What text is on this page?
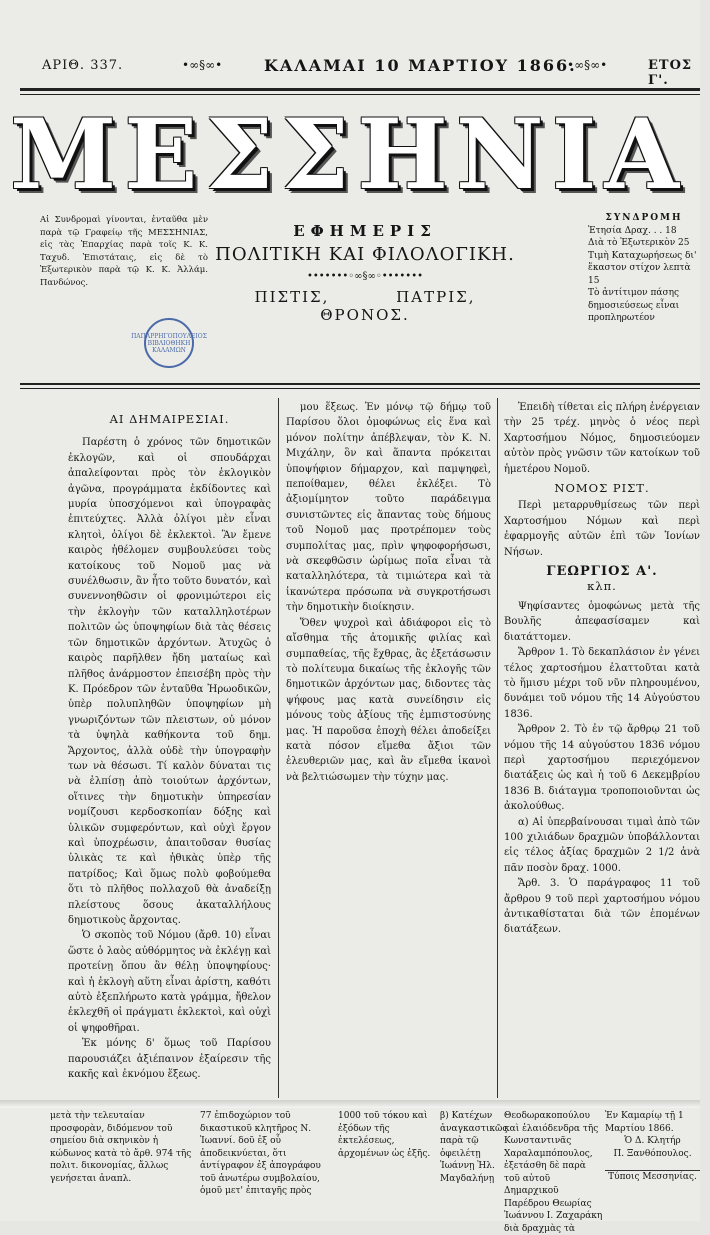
ΑΡΙΘ. 337.	•∞§∞•	ΚΑΛΑΜΑΙ 10 ΜΑΡΤΙΟΥ 1866.
•∞§∞•	ΕΤΟΣ Γ'.
ΜΕΣΣΗΝΙΑ
Αἱ Συνδρομαὶ γίνονται, ἐνταῦθα μὲν παρὰ τῷ Γραφείῳ τῆς ΜΕΣΣΗΝΙΑΣ, εἰς τὰς Ἐπαρχίας παρὰ τοῖς Κ. Κ. Ταχυδ. Ἐπιστάταις, εἰς δὲ τὸ Ἐξωτερικὸν παρὰ τῷ Κ. Κ. Ἀλλάμ. Πανδώνος.
ΕΦΗΜΕΡΙΣ
ΠΟΛΙΤΙΚΗ ΚΑΙ ΦΙΛΟΛΟΓΙΚΗ.
•••••••◦∞§∞◦•••••••
ΠΙΣΤΙΣ, ΠΑΤΡΙΣ, ΘΡΟΝΟΣ.
ΣΥΝΔΡΟΜΗ
Ἐτησία Δραχ. . . 18
Διὰ τὸ Ἐξωτερικὸν 25
Τιμὴ Καταχωρήσεως δι' ἕκαστον στίχον λεπτὰ 15
Τὸ ἀντίτιμον πάσης δημοσιεύσεως εἶναι προπληρωτέον
ΠΑΠΑΡΡΗΓΟΠΟΥΛΕΙΟΣ ΒΙΒΛΙΟΘΗΚΗ ΚΑΛΑΜΩΝ

ΑΙ ΔΗΜΑΙΡΕΣΙΑΙ.

Παρέστη ὁ χρόνος τῶν δημοτικῶν ἐκλογῶν, καὶ οἱ σπουδάρχαι ἀπαλείφονται πρὸς τὸν ἐκλογικὸν ἀγῶνα, προγράμματα ἐκδίδοντες καὶ μυρία ὑποσχόμενοι καὶ ὑπογραφὰς ἐπιτεύχτες. Ἀλλὰ ὀλίγοι μὲν εἶναι κλητοὶ, ὀλίγοι δὲ ἐκλεκτοὶ. Ἂν ἔμενε καιρὸς ἠθέλομεν συμβουλεύσει τοὺς κατοίκους τοῦ Νομοῦ μας νὰ συνέλθωσιν, ἂν ἦτο τοῦτο δυνατόν, καὶ συνεννοηθῶσιν οἱ φρονιμώτεροι εἰς τὴν ἐκλογὴν τῶν καταλληλοτέρων πολιτῶν ὡς ὑποψηφίων διὰ τὰς θέσεις τῶν δημοτικῶν ἀρχόντων. Ἀτυχῶς ὁ καιρὸς παρῆλθεν ἤδη ματαίως καὶ πλῆθος ἀνάρμοστον ἐπεισέβη πρὸς τὴν Κ. Πρόεδρον τῶν ἐνταῦθα Ἠρωοδικῶν, ὑπὲρ πολυπληθῶν ὑποψηφίων μὴ γνωριζόντων τῶν πλειστων, οὐ μόνον τὰ ὑψηλὰ καθήκοντα τοῦ δημ. Ἄρχοντος, ἀλλὰ οὐδὲ τὴν ὑπογραφὴν των νὰ θέσωσι. Τί καλὸν δύναται τις νὰ ἐλπίσῃ ἀπὸ τοιούτων ἀρχόντων, οἵτινες τὴν δημοτικὴν ὑπηρεσίαν νομίζουσι κερδοσκοπίαν δόξης καὶ ὑλικῶν συμφερόντων, καὶ οὐχὶ ἔργον καὶ ὑποχρέωσιν, ἀπαιτοῦσαν θυσίας ὑλικὰς τε καὶ ἠθικὰς ὑπὲρ τῆς πατρίδος; Καὶ ὅμως πολὺ φοβούμεθα ὅτι τὸ πλῆθος πολλαχοῦ θὰ ἀναδείξῃ πλείστους ὅσους ἀκαταλλήλους δημοτικοὺς ἄρχοντας.

Ὁ σκοπὸς τοῦ Νόμου (ἄρθ. 10) εἶναι ὥστε ὁ λαὸς αὐθόρμητος νὰ ἐκλέγῃ καὶ προτείνῃ ὅπου ἂν θέλῃ ὑποψηφίους· καὶ ἡ ἐκλογὴ αὕτη εἶναι ἀρίστη, καθότι αὐτὸ ἐξεπλήρωτο κατὰ γράμμα, ἤθελον ἐκλεχθῆ οἱ πράγματι ἐκλεκτοὶ, καὶ οὐχὶ οἱ ψηφοθῆραι.

Ἐκ μόνης δ' ὅμως τοῦ Παρίσου παρουσιάζει ἀξιέπαινον ἐξαίρεσιν τῆς κακῆς καὶ ἐκνόμου ἕξεως.

μου ἕξεως. Ἐν μόνῳ τῷ δήμῳ τοῦ Παρίσου ὅλοι ὁμοφώνως εἰς ἕνα καὶ μόνον πολίτην ἀπέβλεψαν, τὸν Κ. Ν. Μιχάλην, ὃν καὶ ἅπαντα πρόκειται ὑποψήφιον δήμαρχον, καὶ παμψηφεὶ, πεποίθαμεν, θέλει ἐκλέξει. Τὸ ἀξιομίμητον τοῦτο παράδειγμα συνιστῶντες εἰς ἅπαντας τοὺς δήμους τοῦ Νομοῦ μας προτρέπομεν τοὺς συμπολίτας μας, πρὶν ψηφοφορήσωσι, νὰ σκεφθῶσιν ὡρίμως ποῖα εἶναι τὰ καταλληλότερα, τὰ τιμιώτερα καὶ τὰ ἱκανώτερα πρόσωπα νὰ συγκροτήσωσι τὴν δημοτικὴν διοίκησιν.

Ὅθεν ψυχροὶ καὶ ἀδιάφοροι εἰς τὸ αἴσθημα τῆς ἀτομικῆς φιλίας καὶ συμπαθείας, τῆς ἔχθρας, ἂς ἐξετάσωσιν τὸ πολίτευμα δικαίως τῆς ἐκλογῆς τῶν δημοτικῶν ἀρχόντων μας, διδοντες τὰς ψήφους μας κατὰ συνείδησιν εἰς μόνους τοὺς ἀξίους τῆς ἐμπιστοσύνης μας. Ἡ παροῦσα ἐποχὴ θέλει ἀποδείξει κατὰ πόσον εἴμεθα ἄξιοι τῶν ἐλευθεριῶν μας, καὶ ἂν εἴμεθα ἱκανοὶ νὰ βελτιώσωμεν τὴν τύχην μας.

Ἐπειδὴ τίθεται εἰς πλήρη ἐνέργειαν τὴν 25 τρέχ. μηνὸς ὁ νέος περὶ Χαρτοσήμου Νόμος, δημοσιεύομεν αὐτὸν πρὸς γνῶσιν τῶν κατοίκων τοῦ ἡμετέρου Νομοῦ.

ΝΟΜΟΣ ΡΙΣΤ.

Περὶ μεταρρυθμίσεως τῶν περὶ Χαρτοσήμου Νόμων καὶ περὶ ἐφαρμογῆς αὐτῶν ἐπὶ τῶν Ἰονίων Νήσων.

ΓΕΩΡΓΙΟΣ Α'.

κλπ.

Ψηφίσαντες ὁμοφώνως μετὰ τῆς Βουλῆς ἀπεφασίσαμεν καὶ διατάττομεν.

Ἄρθρον 1. Τὸ δεκαπλάσιον ἐν γένει τέλος χαρτοσήμου ἐλαττοῦται κατὰ τὸ ἥμισυ μέχρι τοῦ νῦν πληρουμένου, δυνάμει τοῦ νόμου τῆς 14 Αὐγούστου 1836.

Ἄρθρον 2. Τὸ ἐν τῷ ἄρθρῳ 21 τοῦ νόμου τῆς 14 αὐγούστου 1836 νόμου περὶ χαρτοσήμου περιεχόμενον διατάξεις ὡς καὶ ἡ τοῦ 6 Δεκεμβρίου 1836 Β. διάταγμα τροποποιοῦνται ὡς ἀκολούθως.

α) Αἱ ὑπερβαίνουσαι τιμαὶ ἀπὸ τῶν 100 χιλιάδων δραχμῶν ὑποβάλλονται εἰς τέλος ἀξίας δραχμῶν 2 1/2 ἀνὰ πᾶν ποσὸν δραχ. 1000.

Ἄρθ. 3. Ὁ παράγραφος 11 τοῦ ἄρθρου 9 τοῦ περὶ χαρτοσήμου νόμου ἀντικαθίσταται διὰ τῶν ἑπομένων διατάξεων.

μετὰ τὴν τελευταίαν προσφορὰν, διδόμενον τοῦ σημείου διὰ σκηνικὸν ἡ κώδωνος κατὰ τὸ ἄρθ. 974 τῆς πολιτ. δικονομίας, ἄλλως γενήσεται ἀναπλ.
77 ἐπιδοχώριον τοῦ δικαστικοῦ κλητῆρος Ν. Ἰωαννί. δοῦ ἐξ οὗ ἀποδεικνύεται, ὅτι ἀντίγραφον ἐξ ἀπογράφου τοῦ ἀνωτέρω συμβολαίου, ὁμοῦ μετ' ἐπιταγῆς πρὸς
1000 τοῦ τόκου καὶ ἐξόδων τῆς ἐκτελέσεως, ἀρχομένων ὡς ἐξῆς.
β) Κατέχων ἀναγκαστικῶς παρὰ τῷ ὀφειλέτῃ Ἰωάννῃ Ἠλ. Μαγδαλήνῃ
Θεοδωρακοπούλου καὶ ἐλαιόδενδρα τῆς Κωνσταντινᾶς Χαραλαμπόπουλος, ἐξετάσθη δὲ παρὰ τοῦ αὐτοῦ Δημαρχικοῦ Παρέδρου Θεωρίας Ἰωάννου Ι. Ζαχαράκη διὰ δραχμὰς τὰ
Ἐν Καμαρίῳ τῇ 1 Μαρτίου 1866.
Ὁ Δ. Κλητήρ
Π. Ξανθόπουλος.
Τύποις Μεσσηνίας.
